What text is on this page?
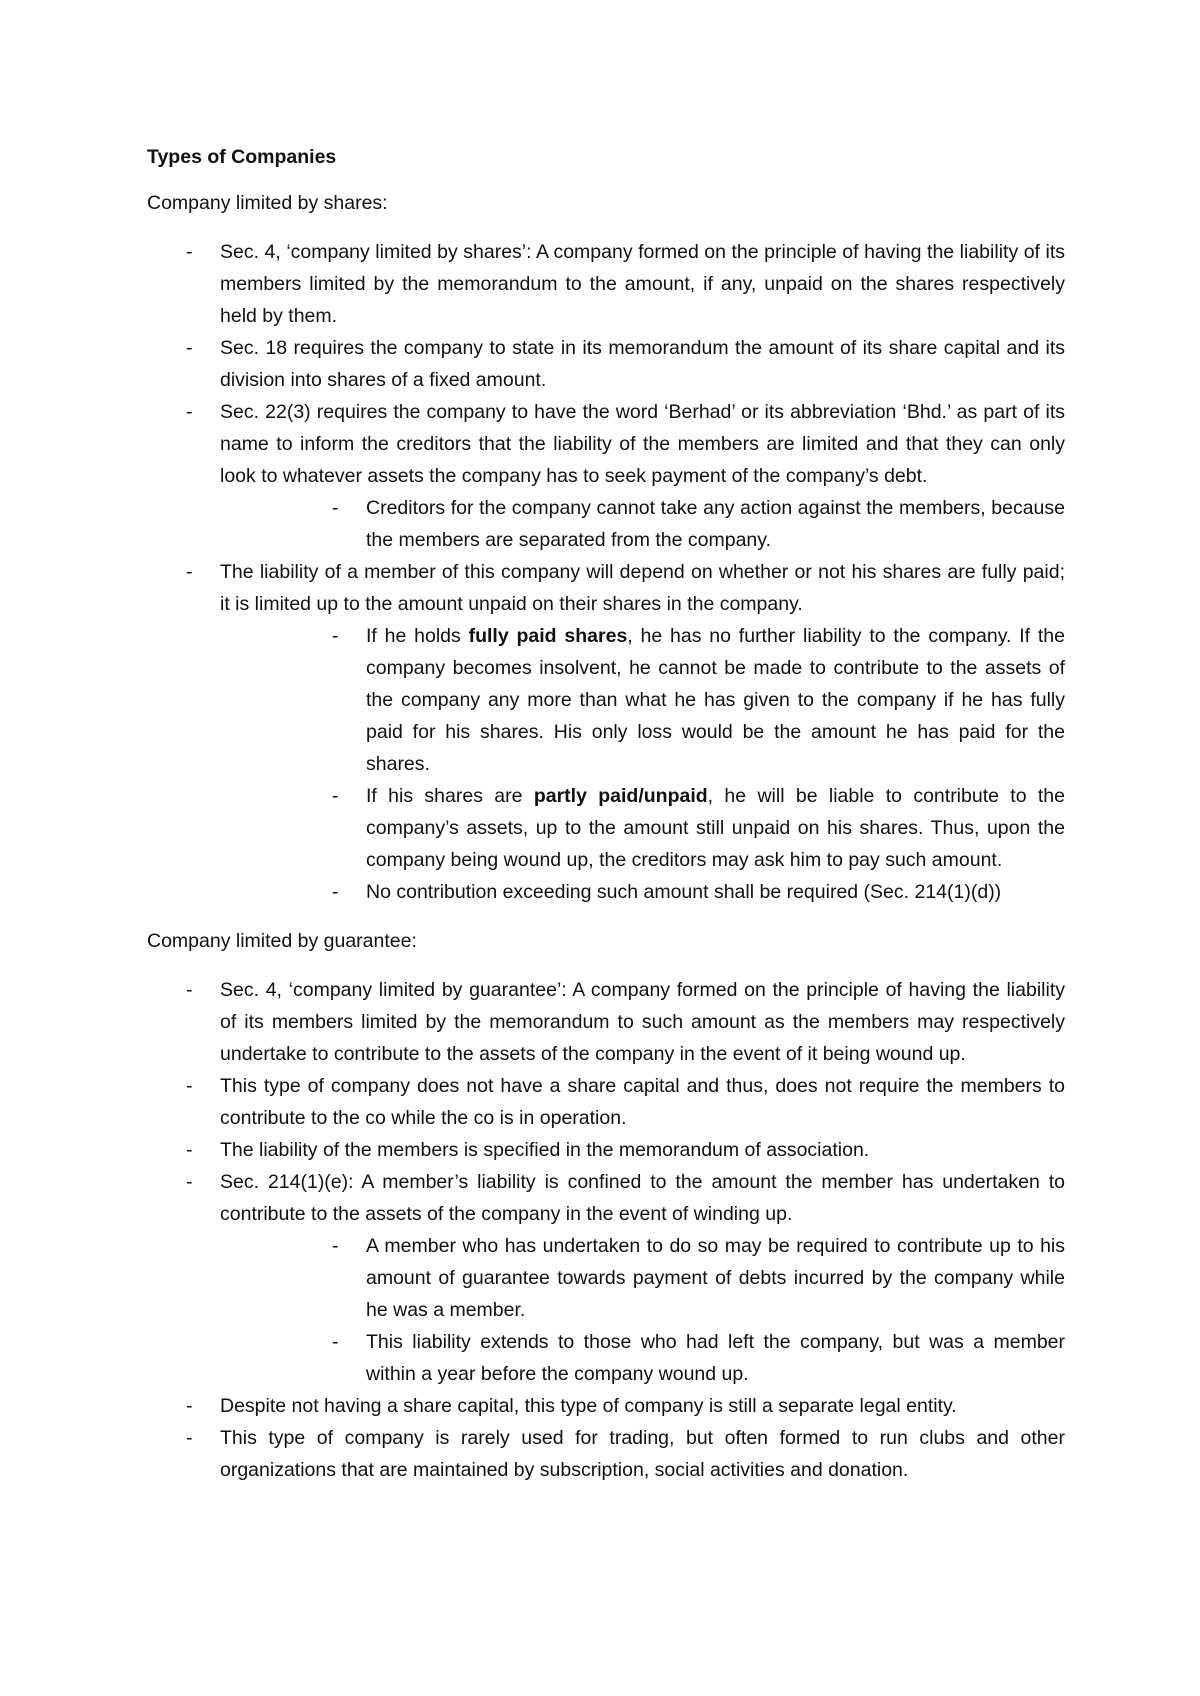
Types of Companies
Company limited by shares:
- Sec. 4, ‘company limited by shares’: A company formed on the principle of having the liability of its members limited by the memorandum to the amount, if any, unpaid on the shares respectively held by them.
- Sec. 18 requires the company to state in its memorandum the amount of its share capital and its division into shares of a fixed amount.
- Sec. 22(3) requires the company to have the word ‘Berhad’ or its abbreviation ‘Bhd.’ as part of its name to inform the creditors that the liability of the members are limited and that they can only look to whatever assets the company has to seek payment of the company’s debt.
- Creditors for the company cannot take any action against the members, because the members are separated from the company.
- The liability of a member of this company will depend on whether or not his shares are fully paid; it is limited up to the amount unpaid on their shares in the company.
- If he holds fully paid shares, he has no further liability to the company. If the company becomes insolvent, he cannot be made to contribute to the assets of the company any more than what he has given to the company if he has fully paid for his shares. His only loss would be the amount he has paid for the shares.
- If his shares are partly paid/unpaid, he will be liable to contribute to the company’s assets, up to the amount still unpaid on his shares. Thus, upon the company being wound up, the creditors may ask him to pay such amount.
- No contribution exceeding such amount shall be required (Sec. 214(1)(d))
Company limited by guarantee:
- Sec. 4, ‘company limited by guarantee’: A company formed on the principle of having the liability of its members limited by the memorandum to such amount as the members may respectively undertake to contribute to the assets of the company in the event of it being wound up.
- This type of company does not have a share capital and thus, does not require the members to contribute to the co while the co is in operation.
- The liability of the members is specified in the memorandum of association.
- Sec. 214(1)(e): A member’s liability is confined to the amount the member has undertaken to contribute to the assets of the company in the event of winding up.
- A member who has undertaken to do so may be required to contribute up to his amount of guarantee towards payment of debts incurred by the company while he was a member.
- This liability extends to those who had left the company, but was a member within a year before the company wound up.
- Despite not having a share capital, this type of company is still a separate legal entity.
- This type of company is rarely used for trading, but often formed to run clubs and other organizations that are maintained by subscription, social activities and donation.
